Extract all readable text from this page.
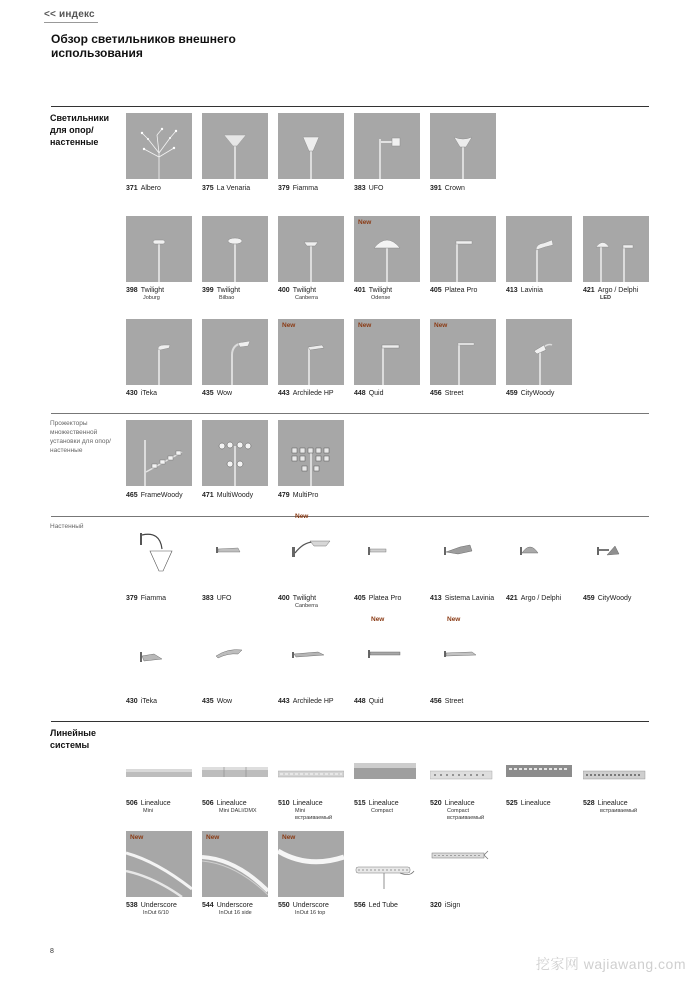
<< индекс
Обзор светильников внешнего использования
Светильники для опор/ настенные
371 Albero	375 La Venaria	379 Fiamma	383 UFO	391 Crown
398 Twilight
Joburg
399 Twilight
Bilbao
400 Twilight
Canberra
New
401 Twilight
Odense
405 Platea Pro	413 Lavinia	421 Argo / Delphi
LED
430 iTeka	435 Wow
New
443 Archilede HP
New
448 Quid
New
456 Street	459 CityWoody
Прожекторы множественной установки для опор/настенные
465 FrameWoody	471 MultiWoody	479 MultiPro
Настенный
379 Fiamma	383 UFO
New
400 Twilight
Canberra
405 Platea Pro	413 Sistema Lavinia	421 Argo / Delphi	459 CityWoody
430 iTeka	435 Wow	443 Archilede HP
New
448 Quid
New
456 Street
Линейные системы
506 Linealuce
Mini
506 Linealuce
Mini DALI/DMX
510 Linealuce
Mini
встраиваемый
515 Linealuce
Compact
520 Linealuce
Compact
встраиваемый
525 Linealuce	528 Linealuce
встраиваемый
New
538 Underscore
InOut 6/10
New
544 Underscore
InOut 16 side
New
550 Underscore
InOut 16 top
556 Led Tube	320 iSign
8
挖家网 wajiawang.com
